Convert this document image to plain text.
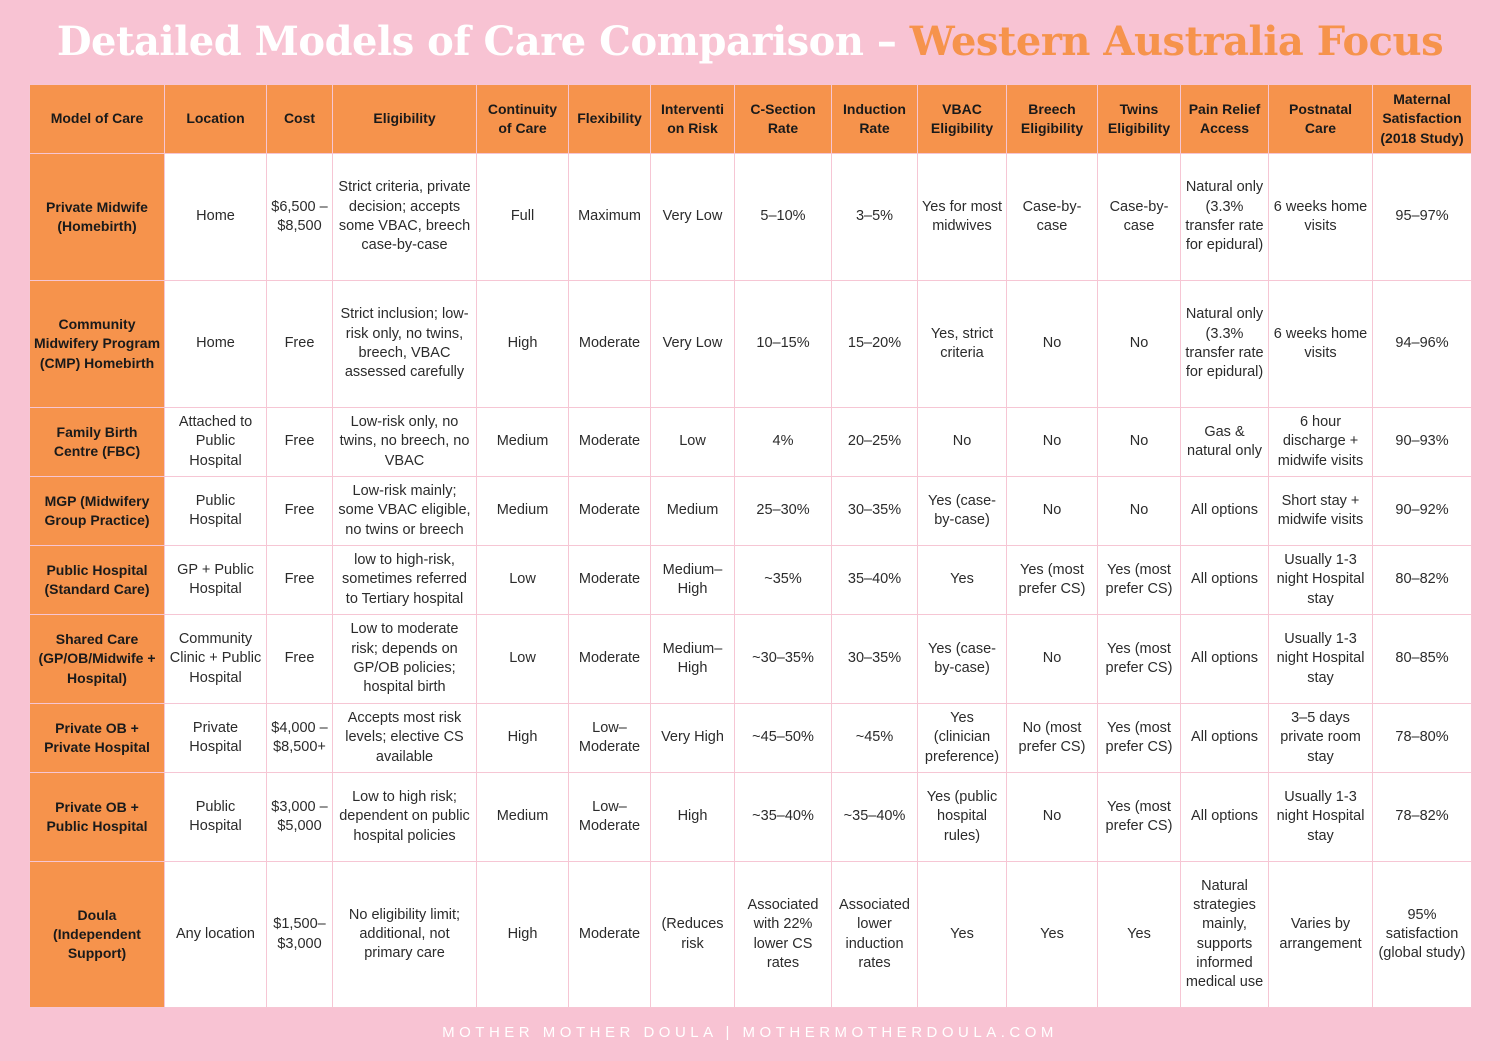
Detailed Models of Care Comparison – Western Australia Focus
Model of Care	Location	Cost	Eligibility	Continuity of Care	Flexibility	Interventi on Risk	C-Section Rate	Induction Rate	VBAC Eligibility	Breech Eligibility	Twins Eligibility	Pain Relief Access	Postnatal Care	Maternal Satisfaction (2018 Study)
Private Midwife (Homebirth)	Home	$6,500 –$8,500	Strict criteria, private decision; accepts some VBAC, breech case-by-case	Full	Maximum	Very Low	5–10%	3–5%	Yes for most midwives	Case-by-case	Case-by-case	Natural only (3.3% transfer rate for epidural)	6 weeks home visits	95–97%
Community Midwifery Program (CMP) Homebirth	Home	Free	Strict inclusion; low-risk only, no twins, breech, VBAC assessed carefully	High	Moderate	Very Low	10–15%	15–20%	Yes, strict criteria	No	No	Natural only (3.3% transfer rate for epidural)	6 weeks home visits	94–96%
Family Birth Centre (FBC)	Attached to Public Hospital	Free	Low-risk only, no twins, no breech, no VBAC	Medium	Moderate	Low	4%	20–25%	No	No	No	Gas & natural only	6 hour discharge + midwife visits	90–93%
MGP (Midwifery Group Practice)	Public Hospital	Free	Low-risk mainly; some VBAC eligible, no twins or breech	Medium	Moderate	Medium	25–30%	30–35%	Yes (case-by-case)	No	No	All options	Short stay + midwife visits	90–92%
Public Hospital (Standard Care)	GP + Public Hospital	Free	low to high-risk, sometimes referred to Tertiary hospital	Low	Moderate	Medium– High	~35%	35–40%	Yes	Yes (most prefer CS)	Yes (most prefer CS)	All options	Usually 1-3 night Hospital stay	80–82%
Shared Care (GP/OB/Midwife + Hospital)	Community Clinic + Public Hospital	Free	Low to moderate risk; depends on GP/OB policies; hospital birth	Low	Moderate	Medium– High	~30–35%	30–35%	Yes (case-by-case)	No	Yes (most prefer CS)	All options	Usually 1-3 night Hospital stay	80–85%
Private OB + Private Hospital	Private Hospital	$4,000 – $8,500+	Accepts most risk levels; elective CS available	High	Low– Moderate	Very High	~45–50%	~45%	Yes (clinician preference)	No (most prefer CS)	Yes (most prefer CS)	All options	3–5 days private room stay	78–80%
Private OB + Public Hospital	Public Hospital	$3,000 – $5,000	Low to high risk; dependent on public hospital policies	Medium	Low– Moderate	High	~35–40%	~35–40%	Yes (public hospital rules)	No	Yes (most prefer CS)	All options	Usually 1-3 night Hospital stay	78–82%
Doula (Independent Support)	Any location	$1,500– $3,000	No eligibility limit; additional, not primary care	High	Moderate	(Reduces risk	Associated with 22% lower CS rates	Associated lower induction rates	Yes	Yes	Yes	Natural strategies mainly, supports informed medical use	Varies by arrangement	95% satisfaction (global study)
MOTHER MOTHER DOULA | MOTHERMOTHERDOULA.COM
